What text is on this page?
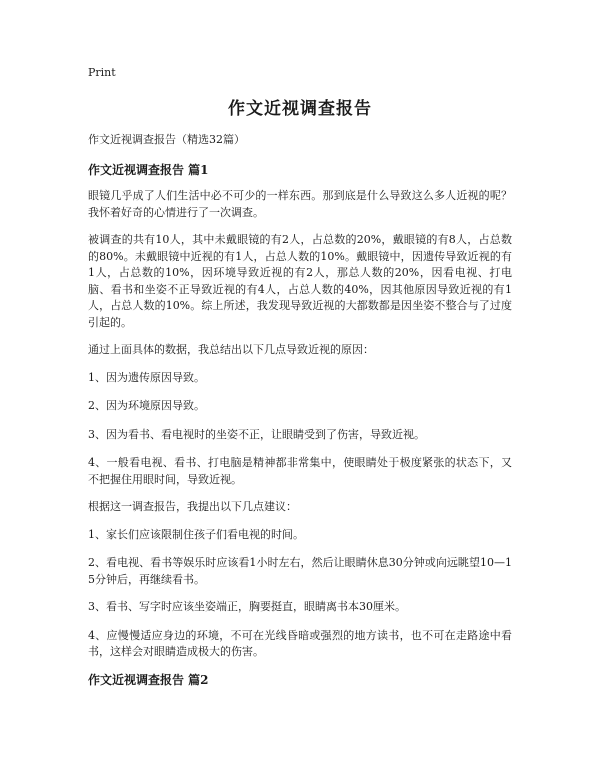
Print
作文近视调查报告
作文近视调查报告（精选32篇）
作文近视调查报告 篇1

眼镜几乎成了人们生活中必不可少的一样东西。那到底是什么导致这么多人近视的呢？我怀着好奇的心情进行了一次调查。

被调查的共有10人，其中未戴眼镜的有2人，占总数的20%，戴眼镜的有8人，占总数的80%。未戴眼镜中近视的有1人，占总人数的10%。戴眼镜中，因遗传导致近视的有1人，占总数的10%，因环境导致近视的有2人，那总人数的20%，因看电视、打电脑、看书和坐姿不正导致近视的有4人，占总人数的40%，因其他原因导致近视的有1人，占总人数的10%。综上所述，我发现导致近视的大都数都是因坐姿不整合与了过度引起的。

通过上面具体的数据，我总结出以下几点导致近视的原因：

1、因为遗传原因导致。

2、因为环境原因导致。

3、因为看书、看电视时的坐姿不正，让眼睛受到了伤害，导致近视。

4、一般看电视、看书、打电脑是精神都非常集中，使眼睛处于极度紧张的状态下，又不把握住用眼时间，导致近视。

根据这一调查报告，我提出以下几点建议：

1、家长们应该限制住孩子们看电视的时间。

2、看电视、看书等娱乐时应该看1小时左右，然后让眼睛休息30分钟或向远眺望10—15分钟后，再继续看书。

3、看书、写字时应该坐姿端正，胸要挺直，眼睛离书本30厘米。

4、应慢慢适应身边的环境，不可在光线昏暗或强烈的地方读书，也不可在走路途中看书，这样会对眼睛造成极大的伤害。

作文近视调查报告 篇2
